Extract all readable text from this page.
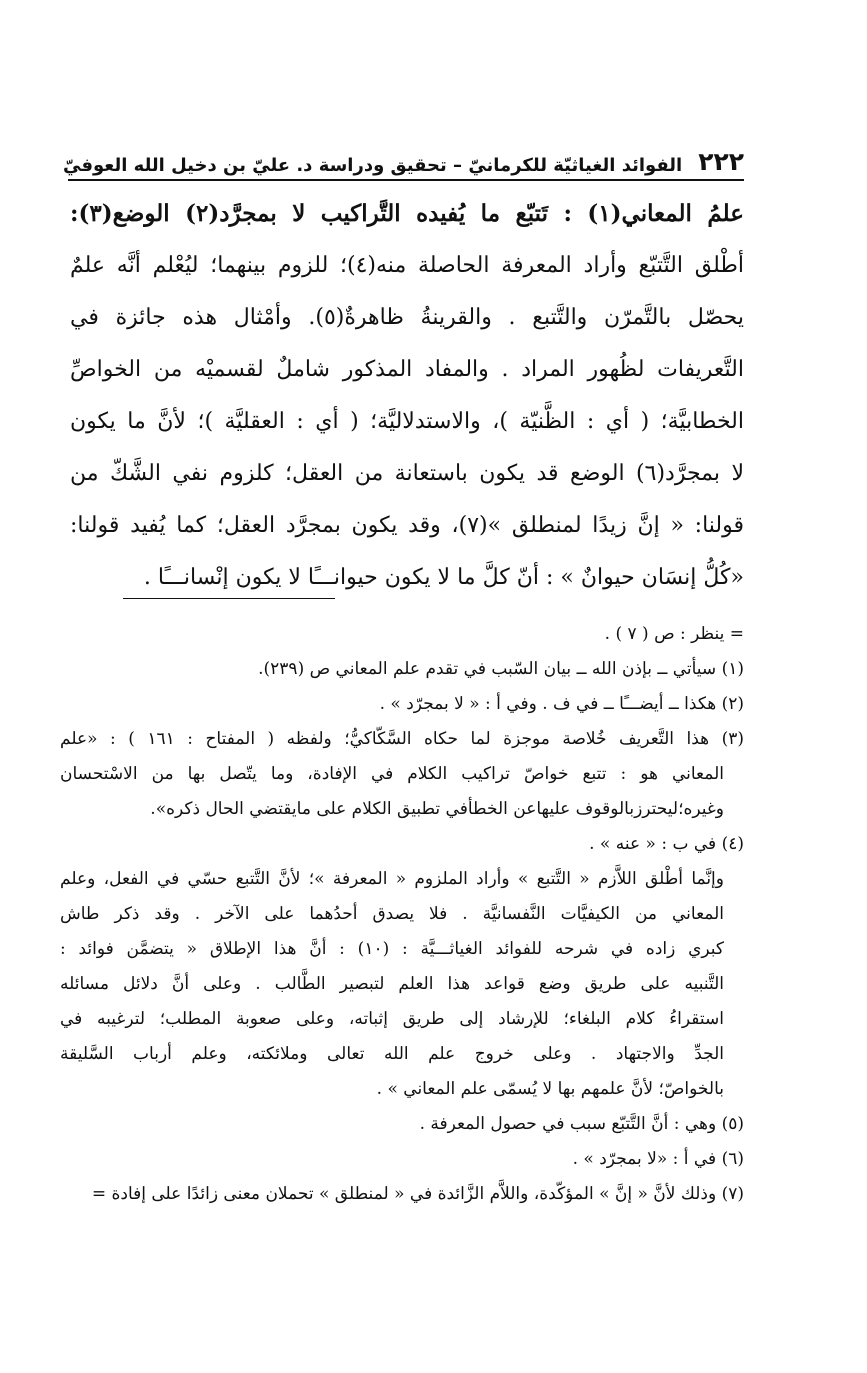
٢٢٢
الفوائد الغياثيّة للكرمانيّ – تحقيق ودراسة د. عليّ بن دخيل الله العوفيّ
علمُ المعاني(١) : تَتبّع ما يُفيده التَّراكيب لا بمجرَّد(٢) الوضع(٣):
أطْلق التَّتبّع وأراد المعرفة الحاصلة منه(٤)؛ للزوم بينهما؛ ليُعْلم أنَّه علمٌ
يحصّل بالتَّمرّن والتَّتبع . والقرينةُ ظاهرةٌ(٥). وأمْثال هذه جائزة في
التَّعريفات لظُهور المراد . والمفاد المذكور شاملٌ لقسميْه من الخواصِّ
الخطابيَّة؛ ( أي : الظَّنيّة )، والاستدلاليَّة؛ ( أي : العقليَّة )؛ لأنَّ ما يكون
لا بمجرَّد(٦) الوضع قد يكون باستعانة من العقل؛ كلزوم نفي الشَّكّ من
قولنا: « إنَّ زيدًا لمنطلق »(٧)، وقد يكون بمجرَّد العقل؛ كما يُفيد قولنا:
«كُلُّ إنسَان حيوانٌ » : أنّ كلَّ ما لا يكون حيوانـــًا لا يكون إنْسانـــًا .
= ينظر : ص ( ٧ ) .
(١) سيأتي ــ بإذن الله ــ بيان السّبب في تقدم علم المعاني ص (٢٣٩).
(٢) هكذا ــ أيضـــًا ــ في ف . وفي أ : « لا بمجرّد » .
(٣) هذا التَّعريف خُلاصة موجزة لما حكاه السَّكّاكيُّ؛ ولفظه ( المفتاح : ١٦١ ) : «علم
المعاني هو : تتبع خواصّ تراكيب الكلام في الإفادة، وما يتّصل بها من الاسْتحسان
وغيره؛ليحترزبالوقوف عليهاعن الخطأفي تطبيق الكلام على مايقتضي الحال ذكره».
(٤) في ب : « عنه » .
وإنَّما أطْلق اللاَّزم « التَّتبع » وأراد الملزوم « المعرفة »؛ لأنَّ التَّتبع حسّي في الفعل، وعلم
المعاني من الكيفيَّات النَّفسانيَّة . فلا يصدق أحدُهما على الآخر . وقد ذكر طاش
كبري زاده في شرحه للفوائد الغياثـــيَّة : (١٠) : أنَّ هذا الإطلاق « يتضمَّن فوائد :
التَّنبيه على طريق وضع قواعد هذا العلم لتبصير الطَّالب . وعلى أنَّ دلائل مسائله
استقراءُ كلام البلغاء؛ للإرشاد إلى طريق إثباته، وعلى صعوبة المطلب؛ لترغيبه في
الجدِّ والاجتهاد . وعلى خروج علم الله تعالى وملائكته، وعلم أرباب السَّليقة
بالخواصّ؛ لأنَّ علمهم بها لا يُسمّى علم المعاني » .
(٥) وهي : أنَّ التَّتبّع سبب في حصول المعرفة .
(٦) في أ : «لا بمجرّد » .
(٧) وذلك لأنَّ « إنَّ » المؤكّدة، واللاَّم الزَّائدة في « لمنطلق » تحملان معنى زائدًا على إفادة =
